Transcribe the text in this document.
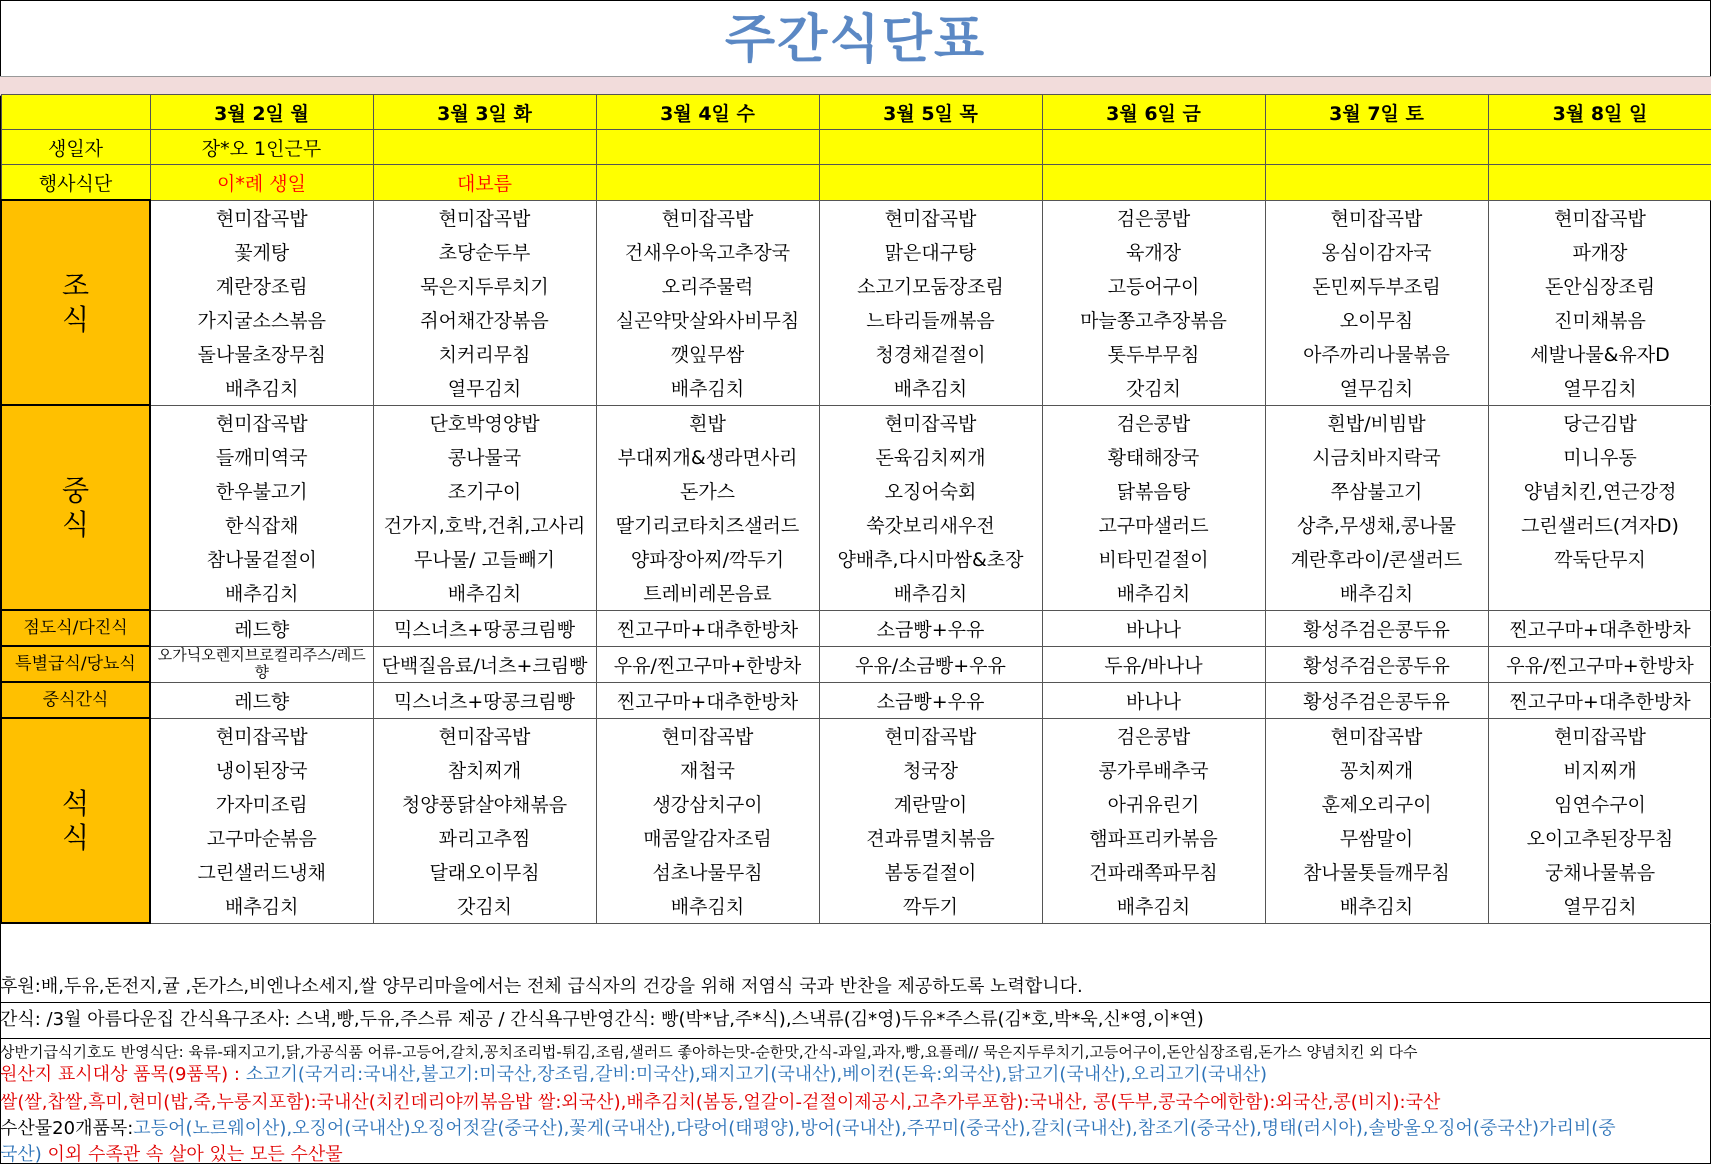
주간식단표
	3월 2일 월	3월 3일 화	3월 4일 수	3월 5일 목	3월 6일 금	3월 7일 토	3월 8일 일
생일자	장*오 1인근무						
행사식단	이*례 생일	대보름					
조
식	현미잡곡밥	현미잡곡밥	현미잡곡밥	현미잡곡밥	검은콩밥	현미잡곡밥	현미잡곡밥
	꽃게탕	초당순두부	건새우아욱고추장국	맑은대구탕	육개장	옹심이감자국	파개장
	계란장조림	묵은지두루치기	오리주물럭	소고기모둠장조림	고등어구이	돈민찌두부조림	돈안심장조림
	가지굴소스볶음	쥐어채간장볶음	실곤약맛살와사비무침	느타리들깨볶음	마늘쫑고추장볶음	오이무침	진미채볶음
	돌나물초장무침	치커리무침	깻잎무쌈	청경채겉절이	톳두부무침	아주까리나물볶음	세발나물&유자D
	배추김치	열무김치	배추김치	배추김치	갓김치	열무김치	열무김치
중
식	현미잡곡밥	단호박영양밥	흰밥	현미잡곡밥	검은콩밥	흰밥/비빔밥	당근김밥
	들깨미역국	콩나물국	부대찌개&생라면사리	돈육김치찌개	황태해장국	시금치바지락국	미니우동
	한우불고기	조기구이	돈가스	오징어숙회	닭볶음탕	쭈삼불고기	양념치킨,연근강정
	한식잡채	건가지,호박,건취,고사리	딸기리코타치즈샐러드	쑥갓보리새우전	고구마샐러드	상추,무생채,콩나물	그린샐러드(겨자D)
	참나물겉절이	무나물/ 고들빼기	양파장아찌/깍두기	양배추,다시마쌈&초장	비타민겉절이	계란후라이/콘샐러드	깍둑단무지
	배추김치	배추김치	트레비레몬음료	배추김치	배추김치	배추김치	
점도식/다진식	레드향	믹스너츠+땅콩크림빵	찐고구마+대추한방차	소금빵+우유	바나나	황성주검은콩두유	찐고구마+대추한방차
특별급식/당뇨식	오가닉오렌지브로컬리주스/레드향	단백질음료/너츠+크림빵	우유/찐고구마+한방차	우유/소금빵+우유	두유/바나나	황성주검은콩두유	우유/찐고구마+한방차
중식간식	레드향	믹스너츠+땅콩크림빵	찐고구마+대추한방차	소금빵+우유	바나나	황성주검은콩두유	찐고구마+대추한방차
석
식	현미잡곡밥	현미잡곡밥	현미잡곡밥	현미잡곡밥	검은콩밥	현미잡곡밥	현미잡곡밥
	냉이된장국	참치찌개	재첩국	청국장	콩가루배추국	꽁치찌개	비지찌개
	가자미조림	청양풍닭살야채볶음	생강삼치구이	계란말이	아귀유린기	훈제오리구이	임연수구이
	고구마순볶음	꽈리고추찜	매콤알감자조림	견과류멸치볶음	햄파프리카볶음	무쌈말이	오이고추된장무침
	그린샐러드냉채	달래오이무침	섬초나물무침	봄동겉절이	건파래쪽파무침	참나물톳들깨무침	궁채나물볶음
	배추김치	갓김치	배추김치	깍두기	배추김치	배추김치	열무김치
후원:배,두유,돈전지,귤 ,돈가스,비엔나소세지,쌀 양무리마을에서는 전체 급식자의 건강을 위해 저염식 국과 반찬을 제공하도록 노력합니다.
간식: /3월 아름다운집 간식욕구조사: 스낵,빵,두유,주스류 제공 / 간식욕구반영간식: 빵(박*남,주*식),스낵류(김*영)두유*주스류(김*호,박*욱,신*영,이*연)
상반기급식기호도 반영식단: 육류-돼지고기,닭,가공식품 어류-고등어,갈치,꽁치조리법-튀김,조림,샐러드 좋아하는맛-순한맛,간식-과일,과자,빵,요플레// 묵은지두루치기,고등어구이,돈안심장조림,돈가스 양념치킨 외 다수
원산지 표시대상 품목(9품목) : 소고기(국거리:국내산,불고기:미국산,장조림,갈비:미국산),돼지고기(국내산),베이컨(돈육:외국산),닭고기(국내산),오리고기(국내산)
쌀(쌀,찹쌀,흑미,현미(밥,죽,누룽지포함):국내산(치킨데리야끼볶음밥 쌀:외국산),배추김치(봄동,얼갈이-겉절이제공시,고추가루포함):국내산, 콩(두부,콩국수에한함):외국산,콩(비지):국산
수산물20개품목:고등어(노르웨이산),오징어(국내산)오징어젓갈(중국산),꽃게(국내산),다랑어(태평양),방어(국내산),주꾸미(중국산),갈치(국내산),참조기(중국산),명태(러시아),솔방울오징어(중국산)가리비(중
국산) 이외 수족관 속 살아 있는 모든 수산물
